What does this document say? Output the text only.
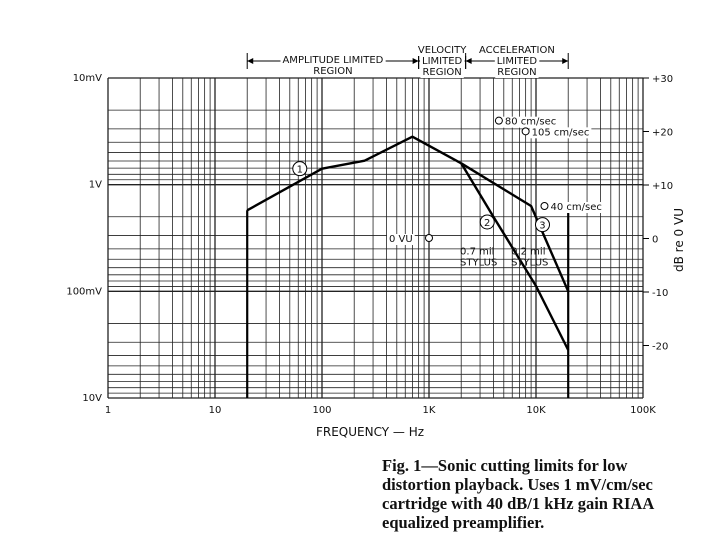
AMPLITUDE LIMITED
REGION
VELOCITY
LIMITED
REGION
ACCELERATION
LIMITED
REGION
1	10	100	1K	10K	100K
10mV
1V
100mV
10V
+30
+20
+10
0
-10
-20
1
2
0.7 mil
STYLUS
3
0.2 mil
STYLUS
80 cm/sec
105 cm/sec
40 cm/sec
0 VU
FREQUENCY — Hz
dB re 0 VU

Fig. 1—Sonic cutting limits for low distortion playback. Uses 1 mV/cm/sec cartridge with 40 dB/1 kHz gain RIAA equalized preamplifier.
